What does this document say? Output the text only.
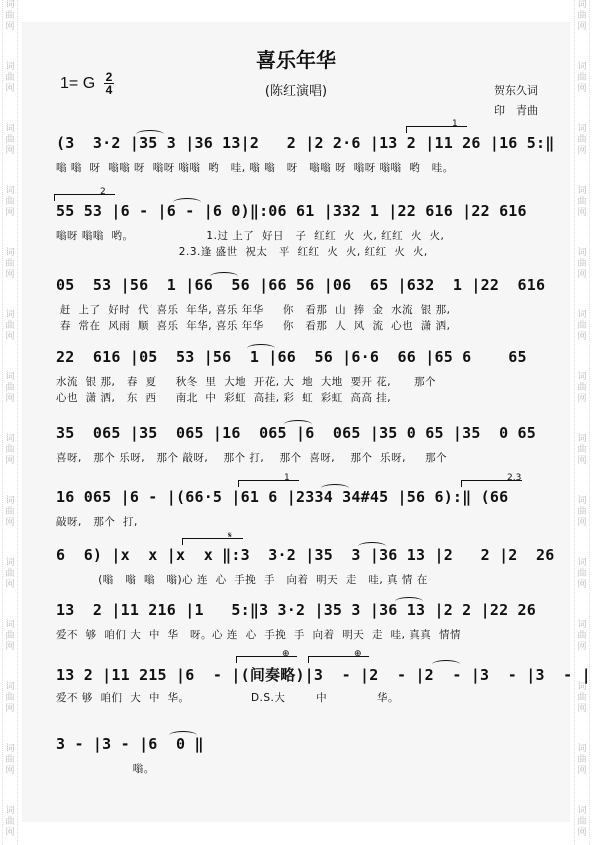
词
曲
网
词
曲
网
词
曲
网
词
曲
网
词
曲
网
词
曲
网
词
曲
网
词
曲
网
词
曲
网
词
曲
网
词
曲
网
词
曲
网
词
曲
网
词
曲
网
词
曲
网
词
曲
网
词
曲
网
词
曲
网
词
曲
网
词
曲
网
词
曲
网
词
曲
网
词
曲
网
词
曲
网
词
曲
网
词
曲
网
词
曲
网
词
曲
网
喜乐年华
(陈红演唱)
1= G 2
4	贺东久词
印　青曲
(3  3·2 |35 3 |36 13|2   2 |2 2·6 |13 2 |11 26 |16 5:‖
嗡 嗡  呀  嗡嗡 呀  嗡呀 嗡嗡  哟   哇, 嗡 嗡   呀   嗡嗡 呀  嗡呀 嗡嗡  哟   哇。
1
55 53 |6 - |6 - |6 0)‖:06 61 |332 1 |22 616 |22 616
嗡呀 嗡嗡  哟。                   1.过 上了  好日   子  红红  火  火, 红红  火  火,
2.3.逢 盛世  祝太   平  红红  火  火, 红红  火  火,
2
05  53 |56  1 |66  56 |66 56 |06  65 |632  1 |22  616
赶  上了  好时  代  喜乐  年华, 喜乐 年华     你   看那  山  捧  金  水流  银 那,
春  常在  风雨  顺  喜乐  年华, 喜乐 年华     你   看那  人  风  流  心也  潇 洒,
22  616 |05  53 |56  1 |66  56 |6·6  66 |65 6    65
水流  银 那,   春  夏     秋冬  里  大地  开花, 大  地  大地  要开 花,      那个
心也  潇 洒,   东  西     南北  中  彩虹  高挂, 彩  虹  彩虹  高高 挂,
35  065 |35  065 |16  065 |6  065 |35 0 65 |35  0 65
喜呀,   那个 乐呀,   那个 敲呀,    那个 打,    那个  喜呀,    那个  乐呀,     那个
16 065 |6 - |(66·5 |61 6 |2334 34#45 |56 6):‖ (66
敲呀,   那个  打,
1	2.3
6  6) |x  x |x  x ‖:3  3·2 |35  3 |36 13 |2   2 |2  26
(嗡   嗡  嗡   嗡)心 连  心  手挽  手   向着  明天  走   哇, 真 情 在
𝄋
13  2 |11 216 |1   5:‖3 3·2 |35 3 |36 13 |2 2 |22 26
爱不  够  咱们 大  中  华   呀。心 连  心  手挽  手  向着  明天  走  哇, 真真  情情
13 2 |11 215 |6  - |(间奏略)|3  - |2  - |2  - |3  - |3  - |
爱不 够  咱们  大  中  华。                D.S.大        中             华。
⊕	⊕
3 - |3 - |6  0 ‖
嗡。
